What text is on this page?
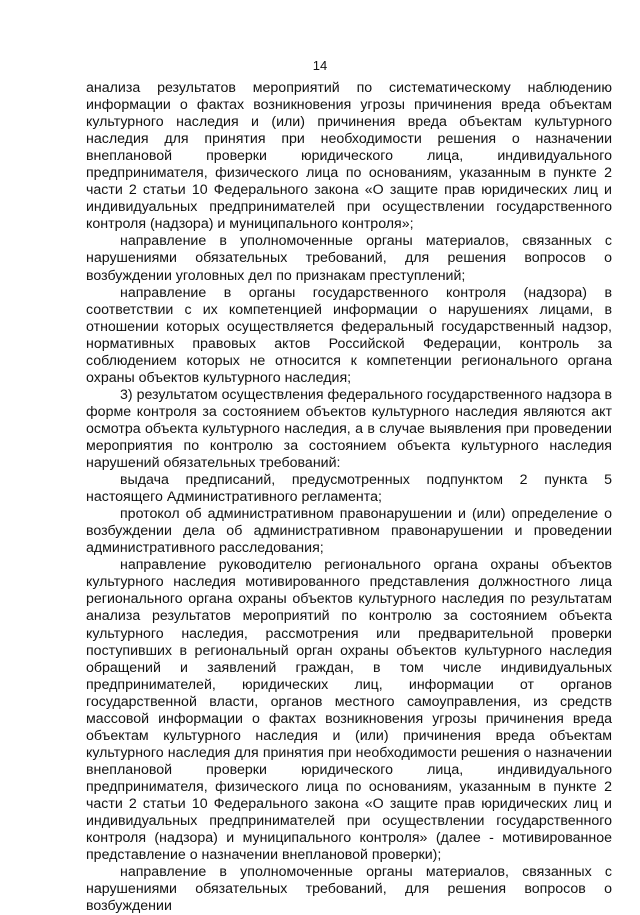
14

анализа результатов мероприятий по систематическому наблюдению информации о фактах возникновения угрозы причинения вреда объектам культурного наследия и (или) причинения вреда объектам культурного наследия для принятия при необходимости решения о назначении внеплановой проверки юридического лица, индивидуального предпринимателя, физического лица по основаниям, указанным в пункте 2 части 2 статьи 10 Федерального закона «О защите прав юридических лиц и индивидуальных предпринимателей при осуществлении государственного контроля (надзора) и муниципального контроля»;

направление в уполномоченные органы материалов, связанных с нарушениями обязательных требований, для решения вопросов о возбуждении уголовных дел по признакам преступлений;

направление в органы государственного контроля (надзора) в соответствии с их компетенцией информации о нарушениях лицами, в отношении которых осуществляется федеральный государственный надзор, нормативных правовых актов Российской Федерации, контроль за соблюдением которых не относится к компетенции регионального органа охраны объектов культурного наследия;

3) результатом осуществления федерального государственного надзора в форме контроля за состоянием объектов культурного наследия являются акт осмотра объекта культурного наследия, а в случае выявления при проведении мероприятия по контролю за состоянием объекта культурного наследия нарушений обязательных требований:

выдача предписаний, предусмотренных подпунктом 2 пункта 5 настоящего Административного регламента;

протокол об административном правонарушении и (или) определение о возбуждении дела об административном правонарушении и проведении административного расследования;

направление руководителю регионального органа охраны объектов культурного наследия мотивированного представления должностного лица регионального органа охраны объектов культурного наследия по результатам анализа результатов мероприятий по контролю за состоянием объекта культурного наследия, рассмотрения или предварительной проверки поступивших в региональный орган охраны объектов культурного наследия обращений и заявлений граждан, в том числе индивидуальных предпринимателей, юридических лиц, информации от органов государственной власти, органов местного самоуправления, из средств массовой информации о фактах возникновения угрозы причинения вреда объектам культурного наследия и (или) причинения вреда объектам культурного наследия для принятия при необходимости решения о назначении внеплановой проверки юридического лица, индивидуального предпринимателя, физического лица по основаниям, указанным в пункте 2 части 2 статьи 10 Федерального закона «О защите прав юридических лиц и индивидуальных предпринимателей при осуществлении государственного контроля (надзора) и муниципального контроля» (далее - мотивированное представление о назначении внеплановой проверки);

направление в уполномоченные органы материалов, связанных с нарушениями обязательных требований, для решения вопросов о возбуждении
